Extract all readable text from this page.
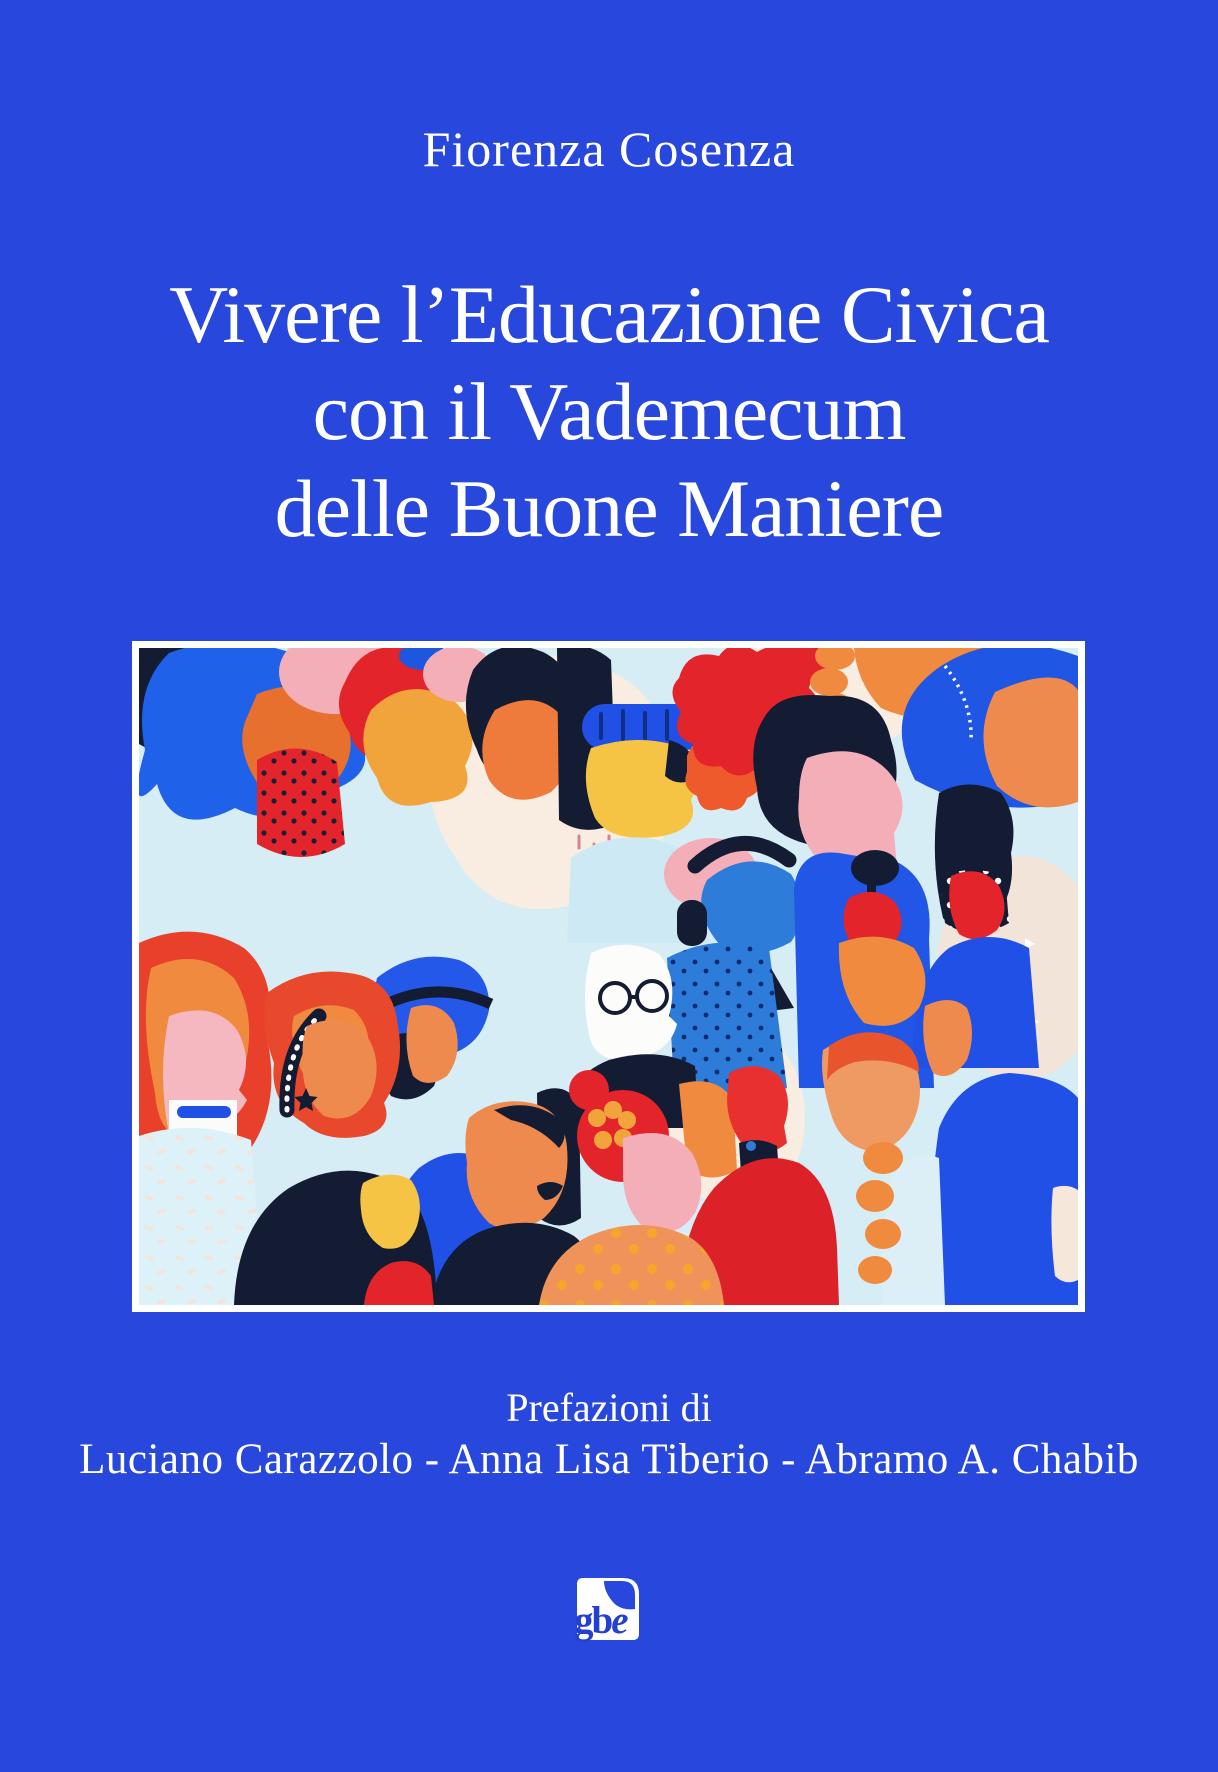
Fiorenza Cosenza
Vivere l’Educazione Civica
con il Vademecum
delle Buone Maniere
Prefazioni di
Luciano Carazzolo - Anna Lisa Tiberio - Abramo A. Chabib
gbe
